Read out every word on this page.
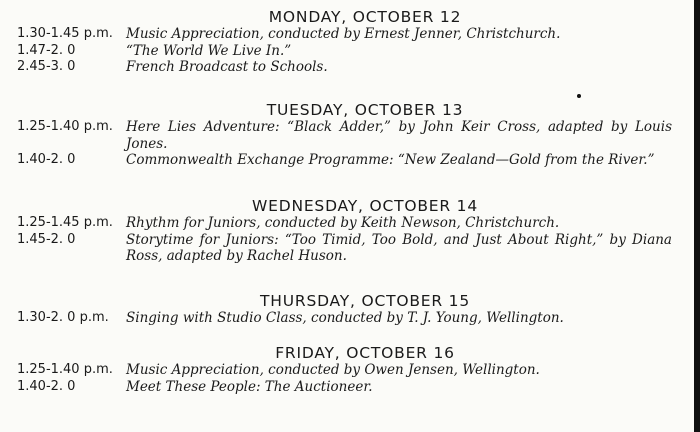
MONDAY, OCTOBER 12
1.30-1.45 p.m. Music Appreciation, conducted by Ernest Jenner, Christchurch.
1.47-2. 0	“The World We Live In.”
2.45-3. 0	French Broadcast to Schools.
TUESDAY, OCTOBER 13
1.25-1.40 p.m. Here Lies Adventure: “Black Adder,” by John Keir Cross, adapted by Louis Jones.
1.40-2. 0	Commonwealth Exchange Programme: “New Zealand—Gold from the River.”
WEDNESDAY, OCTOBER 14
1.25-1.45 p.m. Rhythm for Juniors, conducted by Keith Newson, Christchurch.
1.45-2. 0	Storytime for Juniors: “Too Timid, Too Bold, and Just About Right,” by Diana Ross, adapted by Rachel Huson.
THURSDAY, OCTOBER 15
1.30-2. 0 p.m.	Singing with Studio Class, conducted by T. J. Young, Wellington.
FRIDAY, OCTOBER 16
1.25-1.40 p.m. Music Appreciation, conducted by Owen Jensen, Wellington.
1.40-2. 0	Meet These People: The Auctioneer.
